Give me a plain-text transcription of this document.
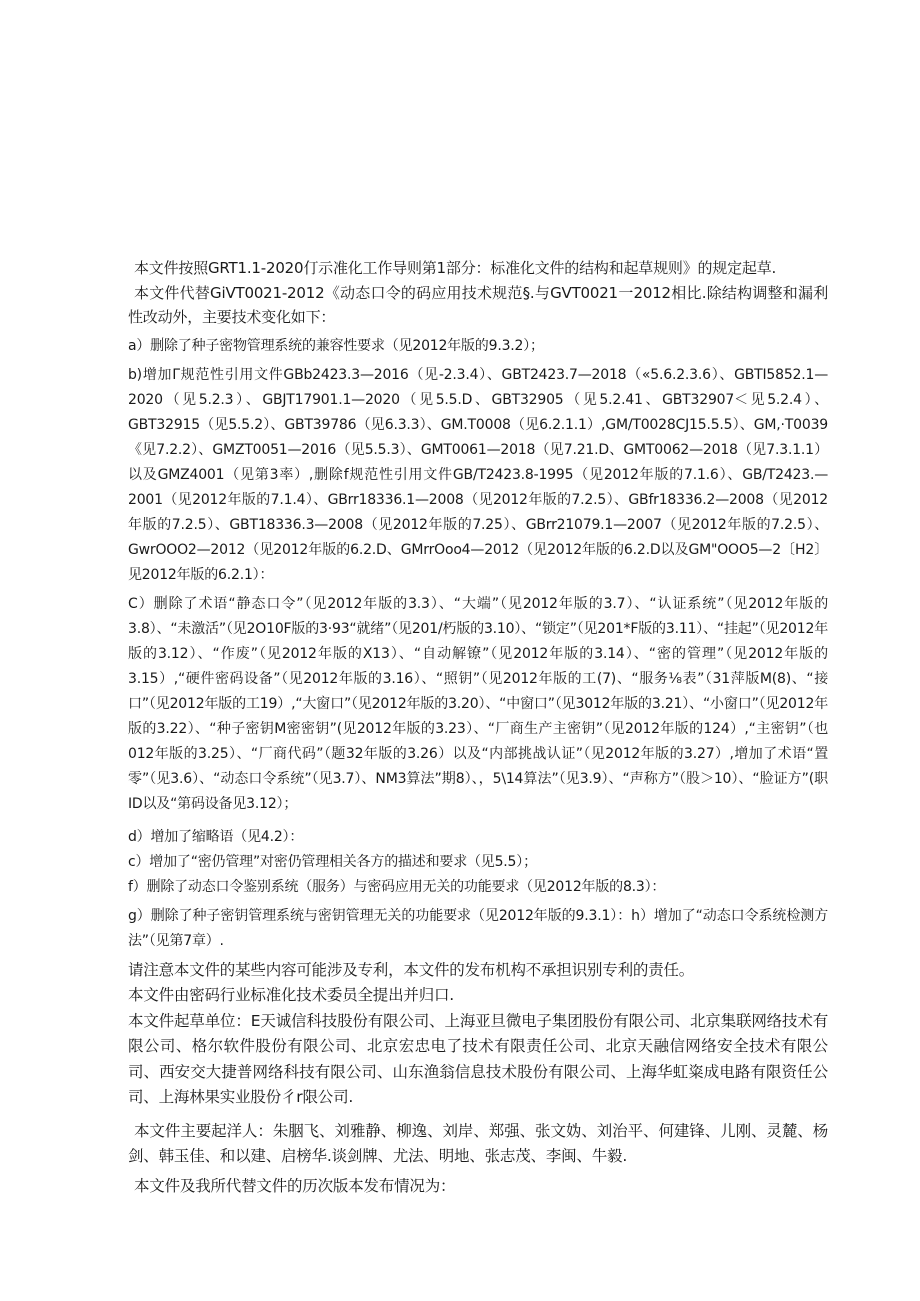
本文件按照GRT1.1-2020仃示准化工作导则第1部分：标准化文件的结构和起草规则》的规定起草.

本文件代替GiVT0021-2012《动态口令的码应用技术规范§.与GVT0021一2012相比.除结构调整和漏利性改动外，主要技术变化如下：

a）删除了种子密物管理系统的兼容性要求（见2012年版的9.3.2）；

b)增加Γ规范性引用文件GBb2423.3—2016（见-2.3.4）、GBT2423.7—2018（«5.6.2.3.6）、GBTI5852.1—2020（见5.2.3）、GBJT17901.1—2020（见5.5.D、GBT32905（见5.2.41、GBT32907＜见5.2.4）、GBT32915（见5.5.2）、GBT39786（见6.3.3）、GM.T0008（见6.2.1.1）,GM/T0028CJ15.5.5）、GM,·T0039《见7.2.2）、GMZT0051—2016（见5.5.3）、GMT0061—2018（见7.21.D、GMT0062—2018（见7.3.1.1）以及GMZ4001（见第3率）,删除f规范性引用文件GB/T2423.8-1995（见2012年版的7.1.6）、GB/T2423.—2001（见2012年版的7.1.4）、GBrr18336.1—2008（见2012年版的7.2.5）、GBfr18336.2—2008（见2012年版的7.2.5）、GBT18336.3—2008（见2012年版的7.25）、GBrr21079.1—2007（见2012年版的7.2.5）、GwrOOO2—2012（见2012年版的6.2.D、GMrrOoo4—2012（见2012年版的6.2.D以及GM"OOO5—2〔H2〕见2012年版的6.2.1）：

C）删除了术语“静态口令”（见2012年版的3.3）、“大端”（见2012年版的3.7）、“认证系统”（见2012年版的3.8）、“未激活”（见2O10F版的3·93“就绪”（见201/朽版的3.10）、“锁定”（见201*F版的3.11）、“挂起”（见2012年版的3.12）、“作废”（见2012年版的X13）、“自动解镣”（见2012年版的3.14）、“密的管理”（见2012年版的3.15）,“硬件密码设备”（见2012年版的3.16）、“照钥”（见2012年版的工(7)、“服务⅛表”（31萍版M(8)、“接口”（见2012年版的工19）,“大窗口”（见2012年版的3.20）、“中窗口”（见3012年版的3.21）、“小窗口”（见2012年版的3.22）、“种子密钥M密密钥”(见2012年版的3.23）、“厂商生产主密钥”（见2012年版的124）,“主密钥”（也012年版的3.25）、“厂商代码”（题32年版的3.26）以及“内部挑战认证”（见2012年版的3.27）,增加了术语“置零”（见3.6）、“动态口令系统”（见3.7）、NM3算法”期8）、，5\14算法”（见3.9）、“声称方”（股＞10）、“脸证方”(职ID以及“第码设备见3.12）；

d）增加了缩略语（见4.2）：

c）增加了“密仍管理”对密仍管理相关各方的描述和要求（见5.5）；

f）删除了动态口令鉴别系统（服务）与密码应用无关的功能要求（见2012年版的8.3）：

g）删除了种子密钥管理系统与密钥管理无关的功能要求（见2012年版的9.3.1）：h）增加了“动态口令系统检测方法”（见第7章）.

请注意本文件的某些内容可能涉及专利，本文件的发布机构不承担识别专利的责任。

本文件由密码行业标准化技术委员全提出并归口.

本文件起草单位：E天诚信科技股份有限公司、上海亚旦微电子集团股份有限公司、北京集联网络技术有限公司、格尔软件股份有限公司、北京宏忠电了技术有限责任公司、北京天融信网络安全技术有限公司、西安交大捷普网络科技有限公司、山东渔翁信息技术股份有限公司、上海华虹粢成电路有限资任公司、上海林果实业股份彳r限公司.

本文件主要起洋人：朱胭飞、刘雅静、柳逸、刘岸、郑强、张文妫、刘治平、何建锋、儿刚、灵麓、杨剑、韩玉佳、和以建、启榜华.谈剑牌、尤法、明地、张志茂、李闽、牛毅.

本文件及我所代替文件的历次版本发布情况为：
